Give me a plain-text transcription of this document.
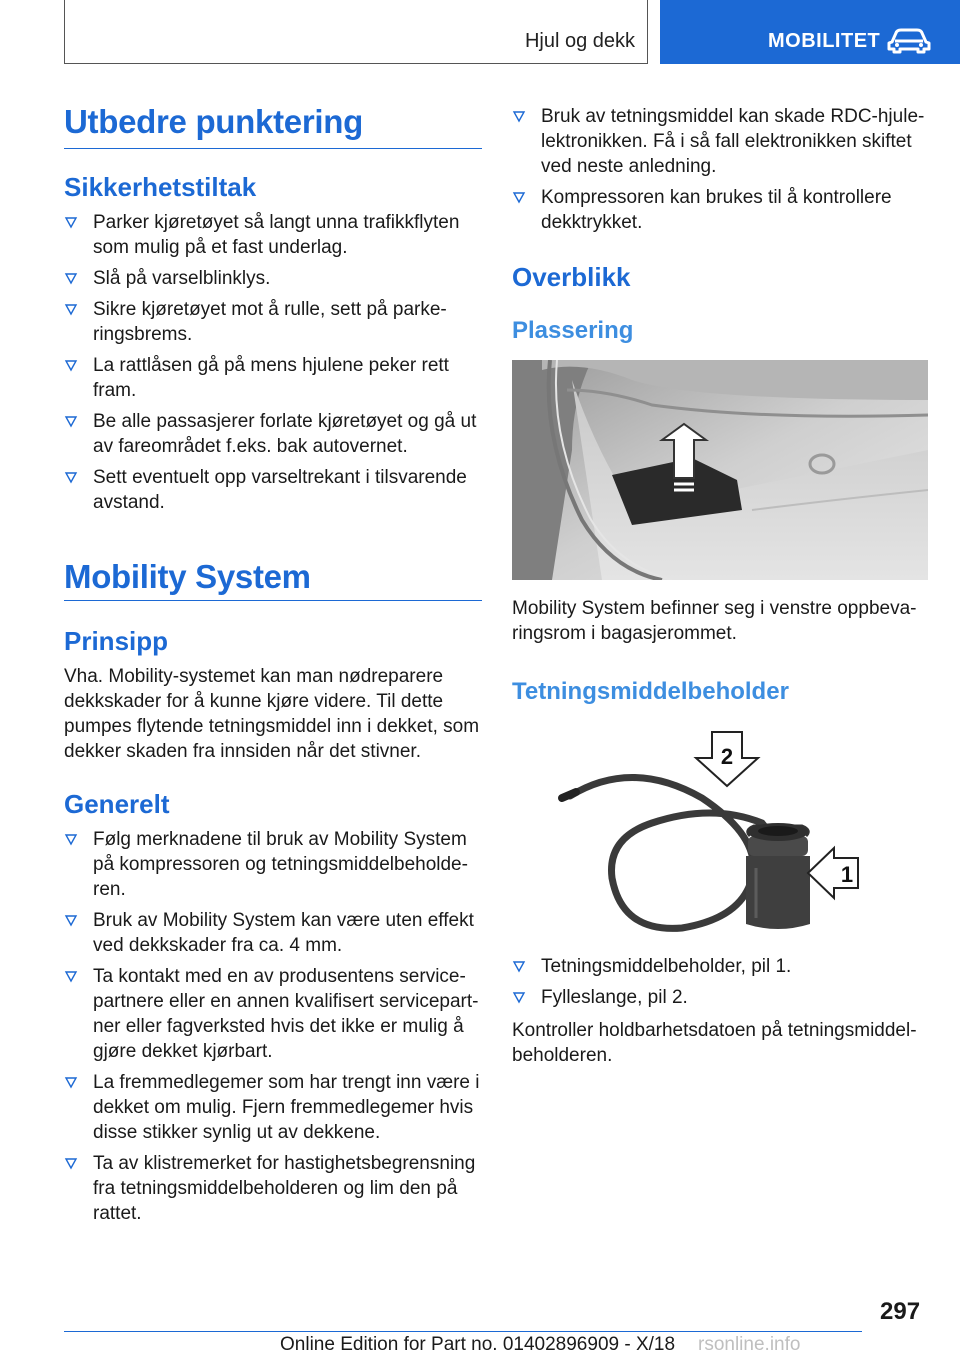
Hjul og dekk	MOBILITET
Utbedre punktering
Sikkerhetstiltak
Parker kjøretøyet så langt unna trafikkflyten som mulig på et fast underlag.
Slå på varselblinklys.
Sikre kjøretøyet mot å rulle, sett på parkeringsbrems.
La rattlåsen gå på mens hjulene peker rett fram.
Be alle passasjerer forlate kjøretøyet og gå ut av fareområdet f.eks. bak autovernet.
Sett eventuelt opp varseltrekant i tilsvarende avstand.
Mobility System
Prinsipp
Vha. Mobility-systemet kan man nødreparere dekkskader for å kunne kjøre videre. Til dette pumpes flytende tetningsmiddel inn i dekket, som dekker skaden fra innsiden når det stivner.
Generelt
Følg merknadene til bruk av Mobility System på kompressoren og tetningsmiddelbeholderen.
Bruk av Mobility System kan være uten effekt ved dekkskader fra ca. 4 mm.
Ta kontakt med en av produsentens servicepartnere eller en annen kvalifisert servicepartner eller fagverksted hvis det ikke er mulig å gjøre dekket kjørbart.
La fremmedlegemer som har trengt inn være i dekket om mulig. Fjern fremmedlegemer hvis disse stikker synlig ut av dekkene.
Ta av klistremerket for hastighetsbegrensning fra tetningsmiddelbeholderen og lim den på rattet.
Bruk av tetningsmiddel kan skade RDC-hjulelektronikken. Få i så fall elektronikken skiftet ved neste anledning.
Kompressoren kan brukes til å kontrollere dekktrykket.
Overblikk
Plassering
Mobility System befinner seg i venstre oppbevaringsrom i bagasjerommet.
Tetningsmiddelbeholder
2
1
Tetningsmiddelbeholder, pil 1.
Fylleslange, pil 2.
Kontroller holdbarhetsdatoen på tetningsmiddelbeholderen.
297
Online Edition for Part no. 01402896909 - X/18 rsonline.info
